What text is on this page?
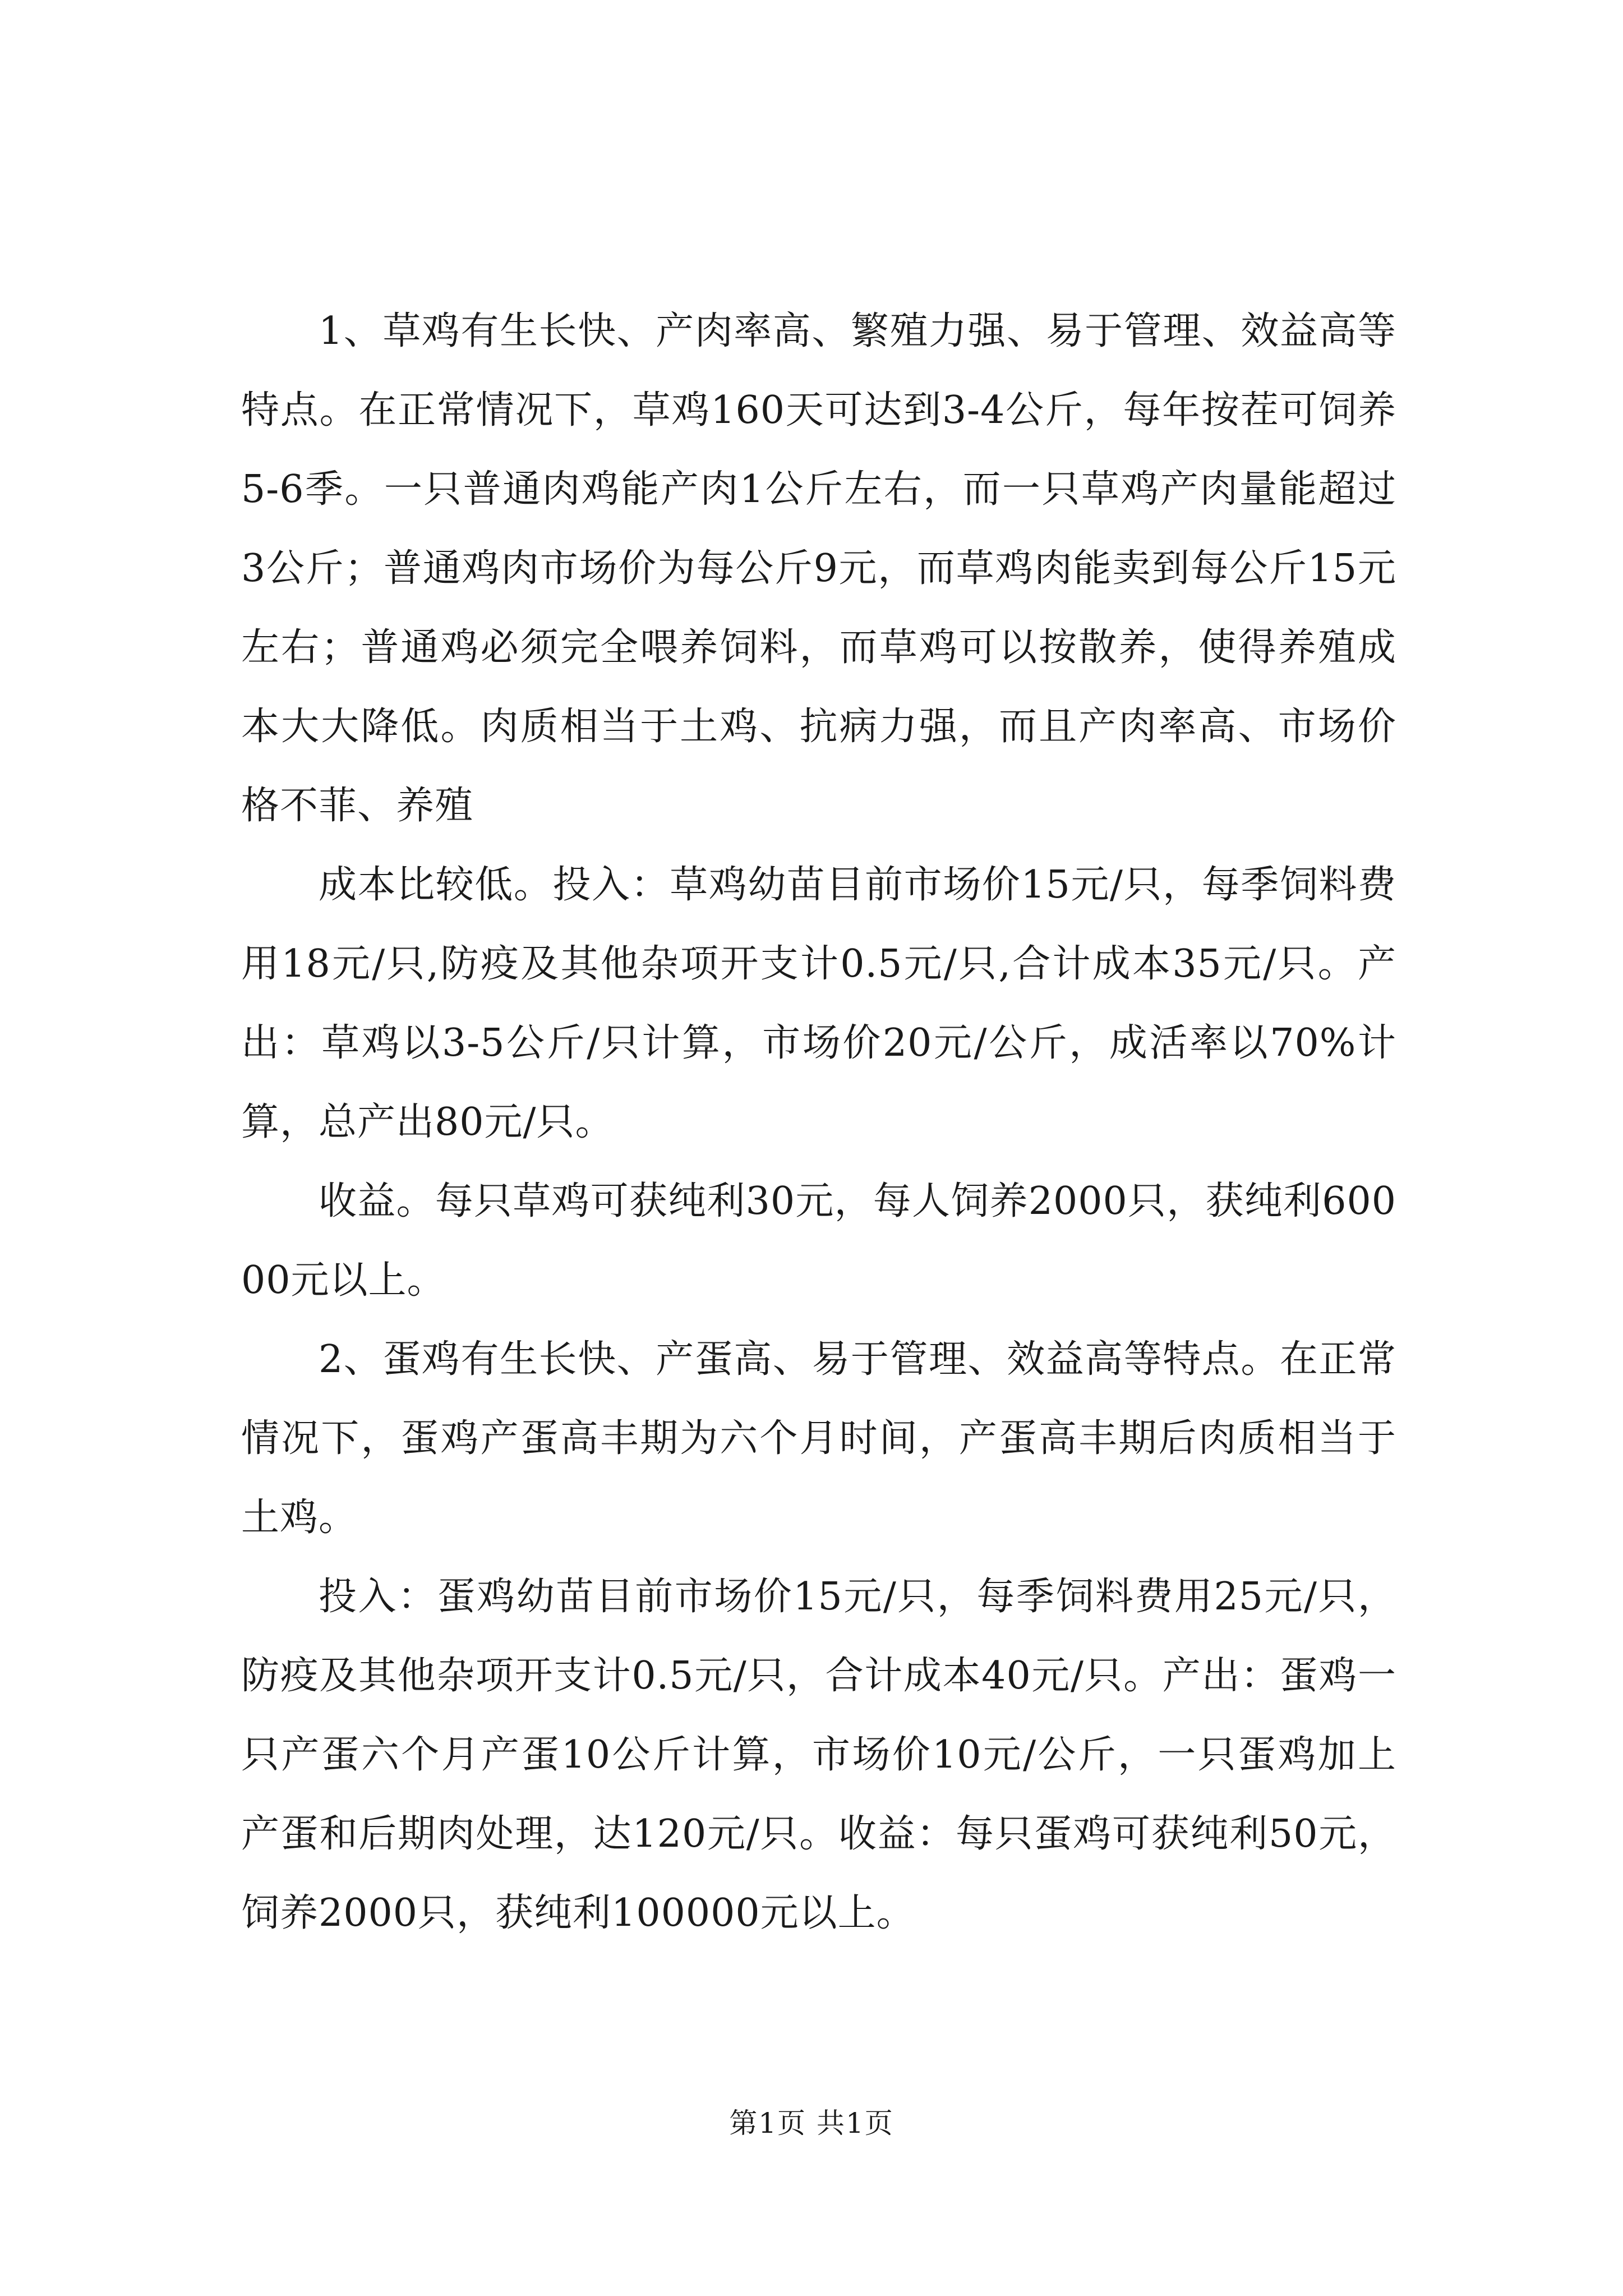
1、草鸡有生长快、产肉率高、繁殖力强、易于管理、效益高等特点。在正常情况下，草鸡160天可达到3-4公斤，每年按茬可饲养5-6季。一只普通肉鸡能产肉1公斤左右，而一只草鸡产肉量能超过3公斤；普通鸡肉市场价为每公斤9元，而草鸡肉能卖到每公斤15元左右；普通鸡必须完全喂养饲料，而草鸡可以按散养，使得养殖成本大大降低。肉质相当于土鸡、抗病力强，而且产肉率高、市场价格不菲、养殖

成本比较低。投入：草鸡幼苗目前市场价15元/只，每季饲料费用18元/只,防疫及其他杂项开支计0.5元/只,合计成本35元/只。产出：草鸡以3-5公斤/只计算，市场价20元/公斤，成活率以70%计算，总产出80元/只。

收益。每只草鸡可获纯利30元，每人饲养2000只，获纯利60000元以上。

2、蛋鸡有生长快、产蛋高、易于管理、效益高等特点。在正常情况下，蛋鸡产蛋高丰期为六个月时间，产蛋高丰期后肉质相当于土鸡。

投入：蛋鸡幼苗目前市场价15元/只，每季饲料费用25元/只，防疫及其他杂项开支计0.5元/只，合计成本40元/只。产出：蛋鸡一只产蛋六个月产蛋10公斤计算，市场价10元/公斤，一只蛋鸡加上产蛋和后期肉处理，达120元/只。收益：每只蛋鸡可获纯利50元，饲养2000只，获纯利100000元以上。

第1页 共1页
